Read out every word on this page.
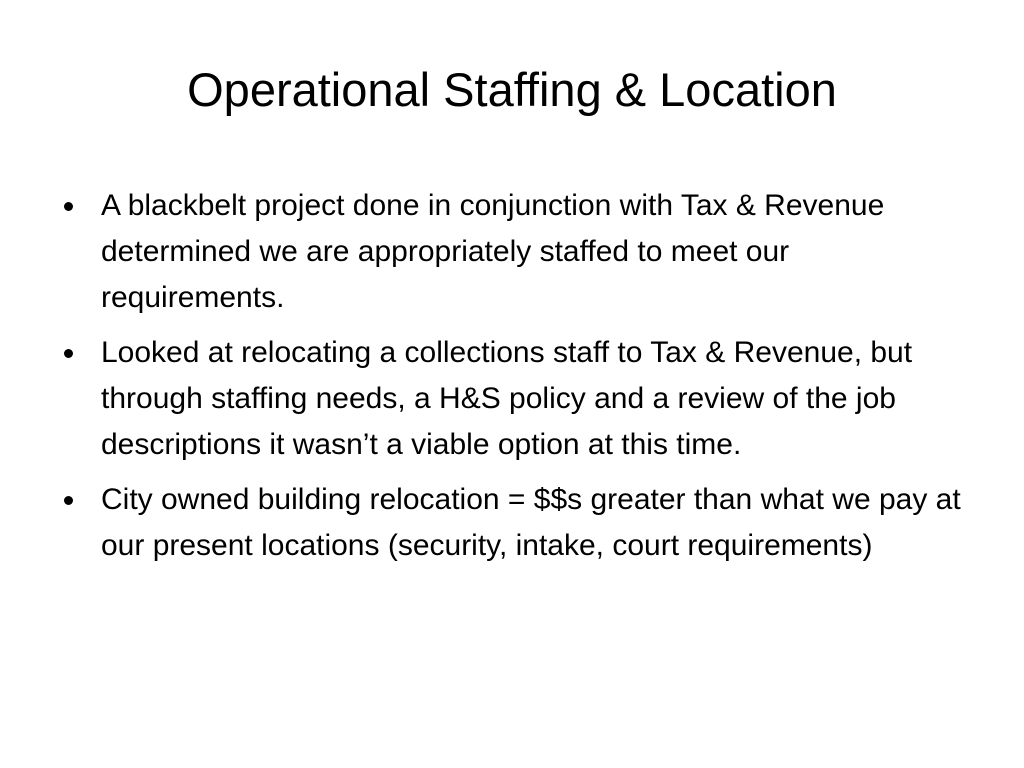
Operational Staffing & Location
A blackbelt project done in conjunction with Tax & Revenue determined we are appropriately staffed to meet our requirements.
Looked at relocating a collections staff to Tax & Revenue, but through staffing needs, a H&S policy and a review of the job descriptions it wasn’t a viable option at this time.
City owned building relocation = $$s greater than what we pay at our present locations (security, intake, court requirements)
